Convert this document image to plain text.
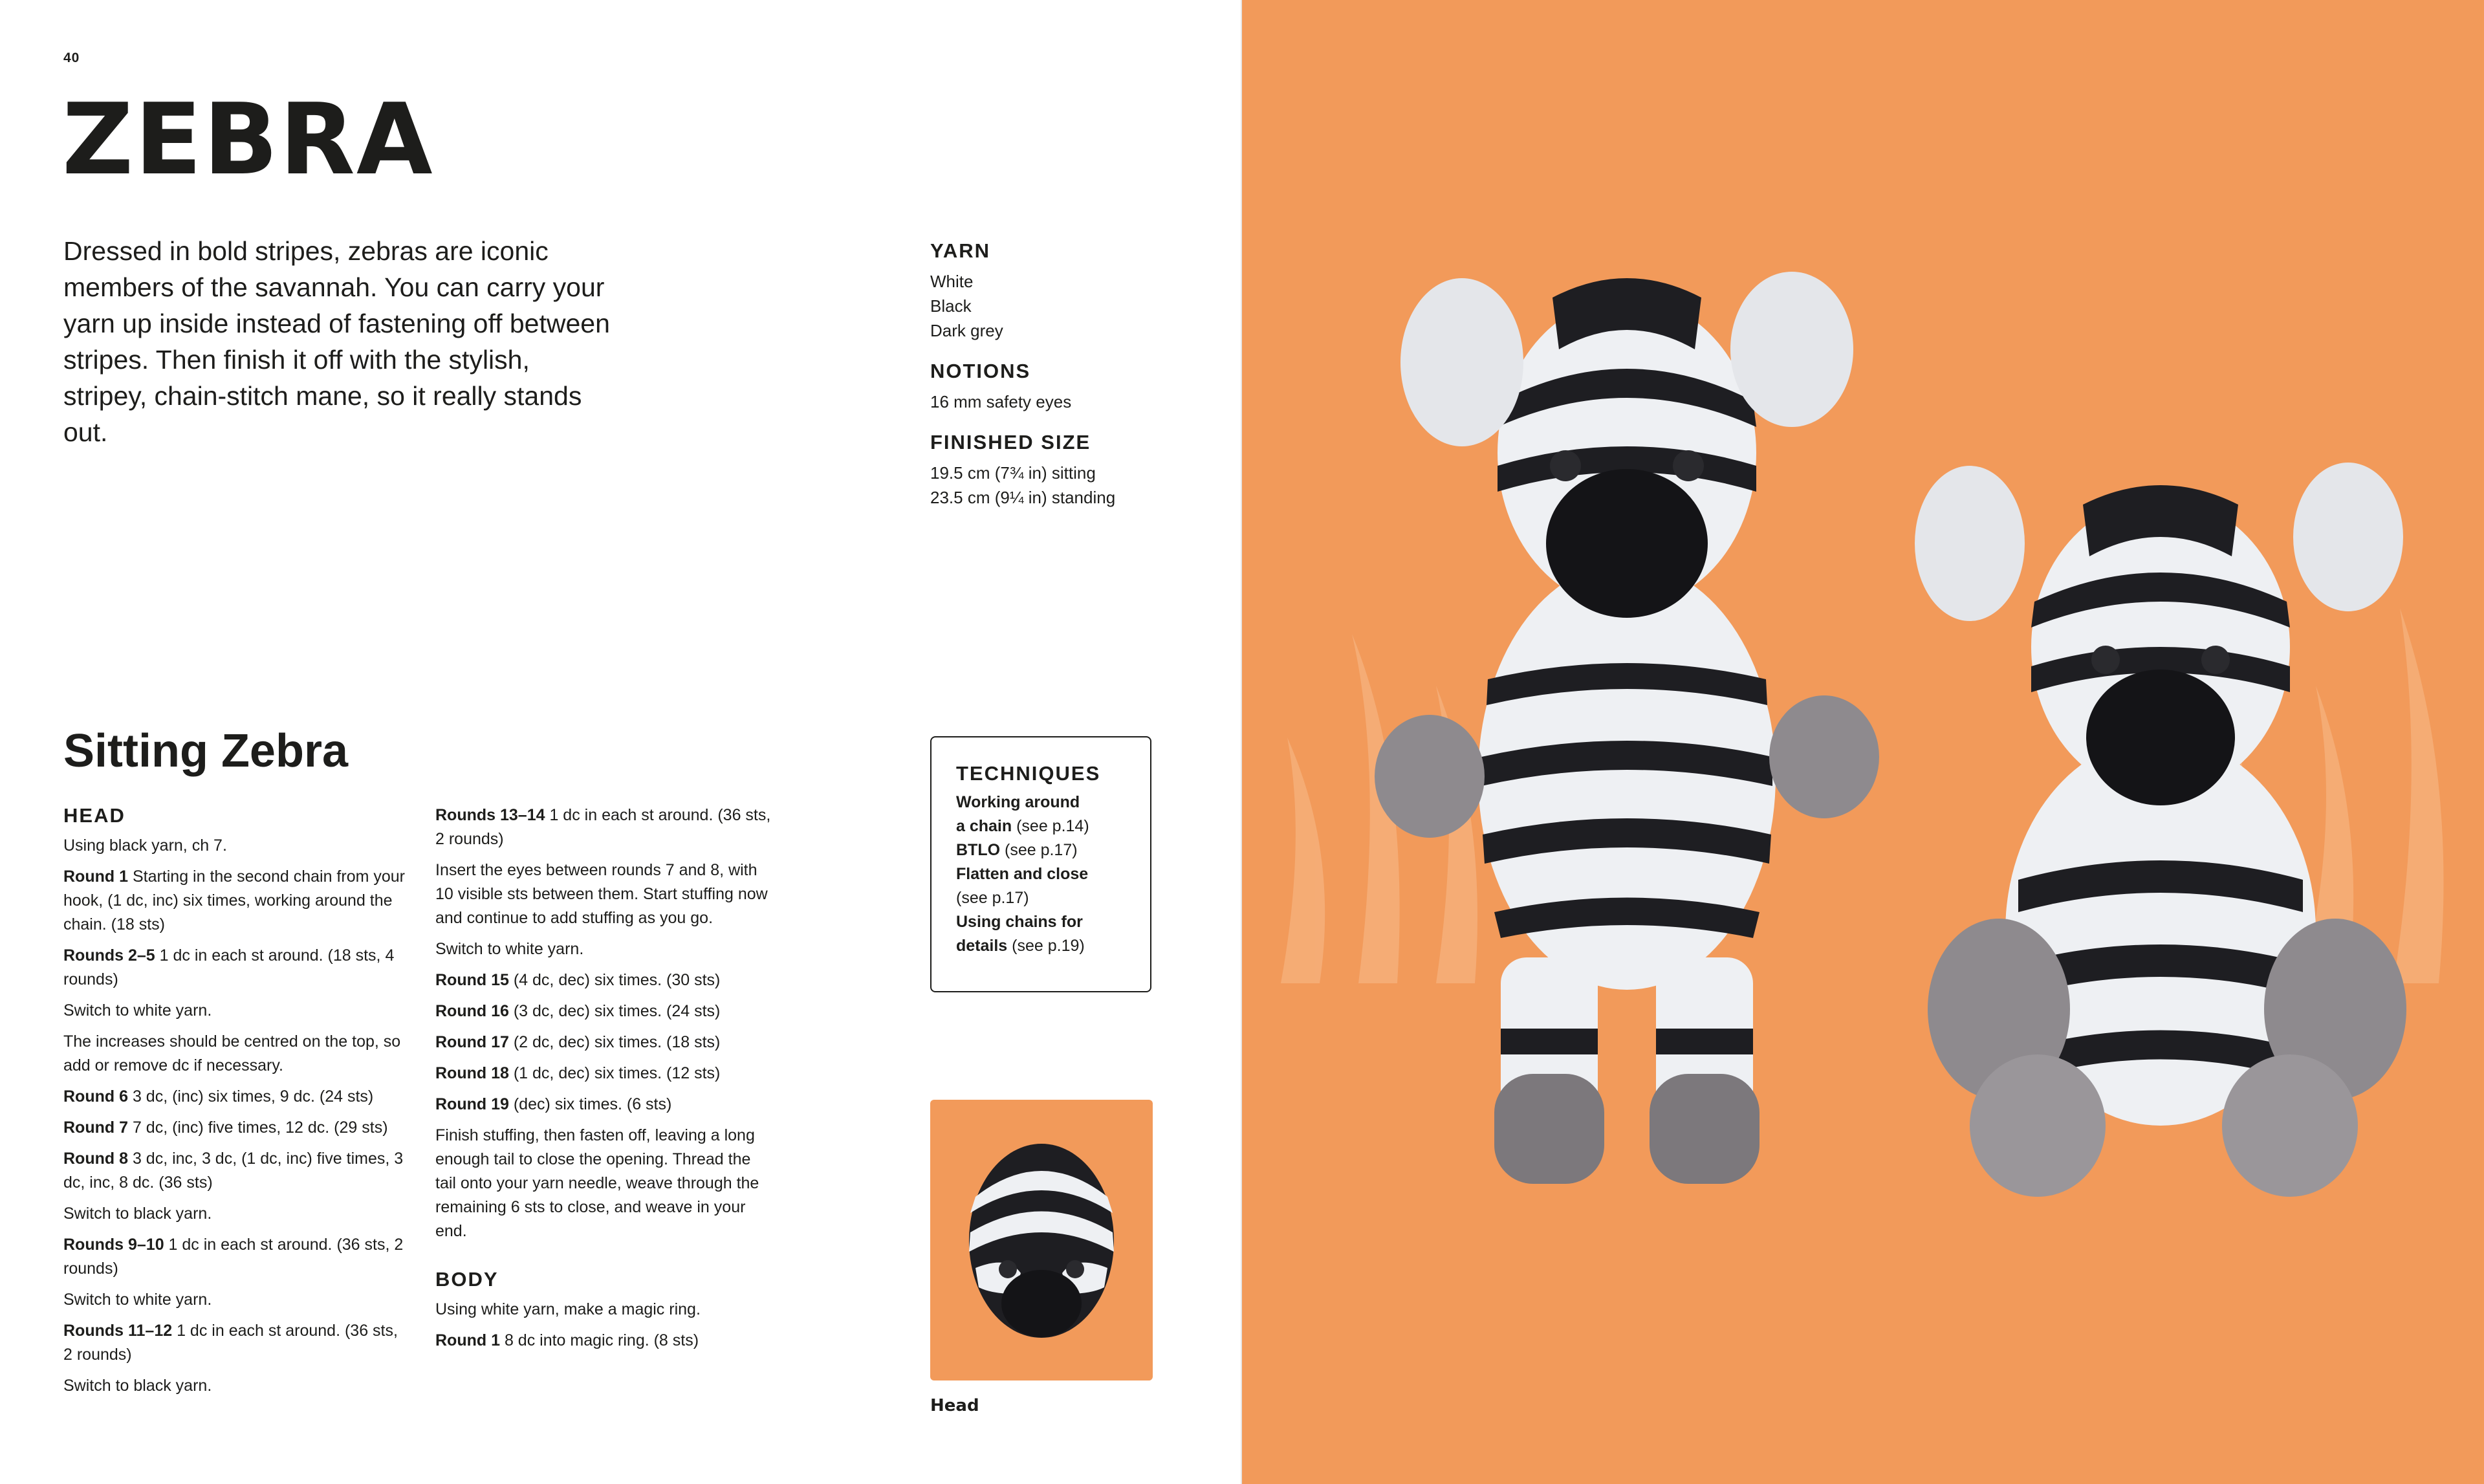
40
ZEBRA

Dressed in bold stripes, zebras are iconic members of the savannah. You can carry your yarn up inside instead of fastening off between stripes. Then finish it off with the stylish, stripey, chain-stitch mane, so it really stands out.

YARN
White
Black
Dark grey
NOTIONS
16 mm safety eyes
FINISHED SIZE
19.5 cm (7¾ in) sitting
23.5 cm (9¼ in) standing
Sitting Zebra
HEAD

Using black yarn, ch 7.

Round 1 Starting in the second chain from your hook, (1 dc, inc) six times, working around the chain. (18 sts)

Rounds 2–5 1 dc in each st around. (18 sts, 4 rounds)

Switch to white yarn.

The increases should be centred on the top, so add or remove dc if necessary.

Round 6 3 dc, (inc) six times, 9 dc. (24 sts)

Round 7 7 dc, (inc) five times, 12 dc. (29 sts)

Round 8 3 dc, inc, 3 dc, (1 dc, inc) five times, 3 dc, inc, 8 dc. (36 sts)

Switch to black yarn.

Rounds 9–10 1 dc in each st around. (36 sts, 2 rounds)

Switch to white yarn.

Rounds 11–12 1 dc in each st around. (36 sts, 2 rounds)

Switch to black yarn.

Rounds 13–14 1 dc in each st around. (36 sts, 2 rounds)

Insert the eyes between rounds 7 and 8, with 10 visible sts between them. Start stuffing now and continue to add stuffing as you go.

Switch to white yarn.

Round 15 (4 dc, dec) six times. (30 sts)

Round 16 (3 dc, dec) six times. (24 sts)

Round 17 (2 dc, dec) six times. (18 sts)

Round 18 (1 dc, dec) six times. (12 sts)

Round 19 (dec) six times. (6 sts)

Finish stuffing, then fasten off, leaving a long enough tail to close the opening. Thread the tail onto your yarn needle, weave through the remaining 6 sts to close, and weave in your end.

BODY

Using white yarn, make a magic ring.

Round 1 8 dc into magic ring. (8 sts)

TECHNIQUES
Working around
a chain (see p.14)
BTLO (see p.17)
Flatten and close
(see p.17)
Using chains for
details (see p.19)
Head
